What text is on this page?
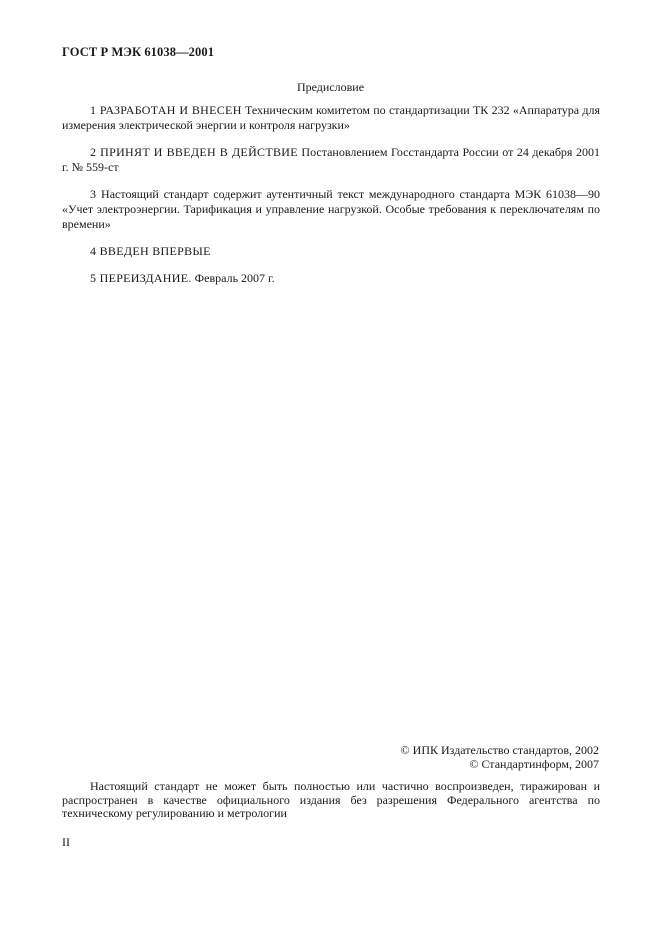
ГОСТ Р МЭК 61038—2001

Предисловие

1 РАЗРАБОТАН И ВНЕСЕН Техническим комитетом по стандартизации ТК 232 «Аппаратура для измерения электрической энергии и контроля нагрузки»

2 ПРИНЯТ И ВВЕДЕН В ДЕЙСТВИЕ Постановлением Госстандарта России от 24 декабря 2001 г. № 559-ст

3 Настоящий стандарт содержит аутентичный текст международного стандарта МЭК 61038—90 «Учет электроэнергии. Тарификация и управление нагрузкой. Особые требования к переключателям по времени»

4 ВВЕДЕН ВПЕРВЫЕ

5 ПЕРЕИЗДАНИЕ. Февраль 2007 г.

© ИПК Издательство стандартов, 2002
© Стандартинформ, 2007

Настоящий стандарт не может быть полностью или частично воспроизведен, тиражирован и распространен в качестве официального издания без разрешения Федерального агентства по техническому регулированию и метрологии

II
